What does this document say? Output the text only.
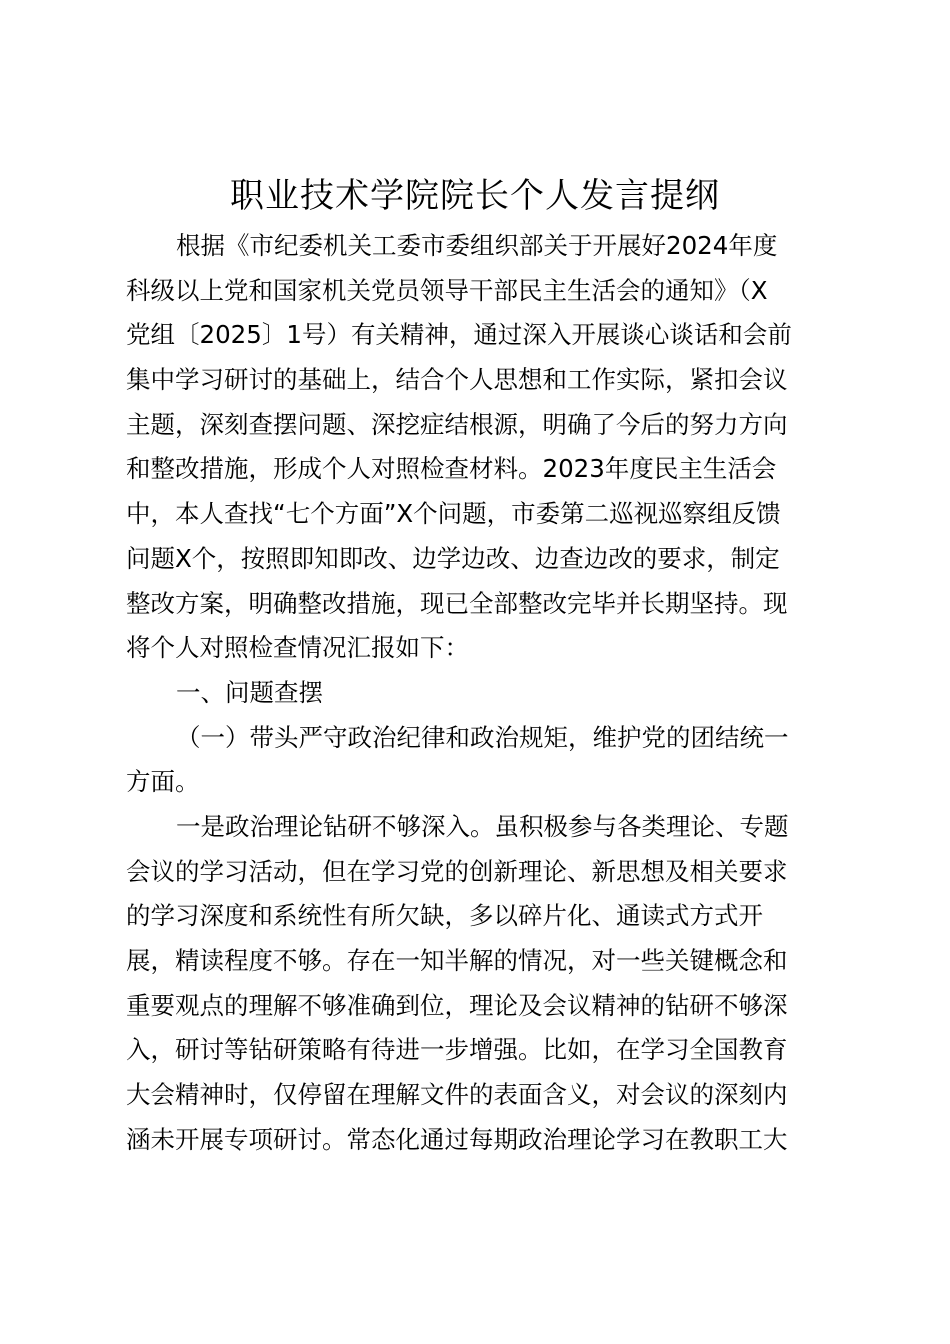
职业技术学院院长个人发言提纲
根据《市纪委机关工委市委组织部关于开展好2024年度
科级以上党和国家机关党员领导干部民主生活会的通知》（X
党组〔2025〕1号）有关精神，通过深入开展谈心谈话和会前
集中学习研讨的基础上，结合个人思想和工作实际，紧扣会议
主题，深刻查摆问题、深挖症结根源，明确了今后的努力方向
和整改措施，形成个人对照检查材料。2023年度民主生活会
中，本人查找“七个方面”X个问题，市委第二巡视巡察组反馈
问题X个，按照即知即改、边学边改、边查边改的要求，制定
整改方案，明确整改措施，现已全部整改完毕并长期坚持。现
将个人对照检查情况汇报如下：
一、问题查摆
（一）带头严守政治纪律和政治规矩，维护党的团结统一
方面。
一是政治理论钻研不够深入。虽积极参与各类理论、专题
会议的学习活动，但在学习党的创新理论、新思想及相关要求
的学习深度和系统性有所欠缺，多以碎片化、通读式方式开
展，精读程度不够。存在一知半解的情况，对一些关键概念和
重要观点的理解不够准确到位，理论及会议精神的钻研不够深
入，研讨等钻研策略有待进一步增强。比如，在学习全国教育
大会精神时，仅停留在理解文件的表面含义，对会议的深刻内
涵未开展专项研讨。常态化通过每期政治理论学习在教职工大
